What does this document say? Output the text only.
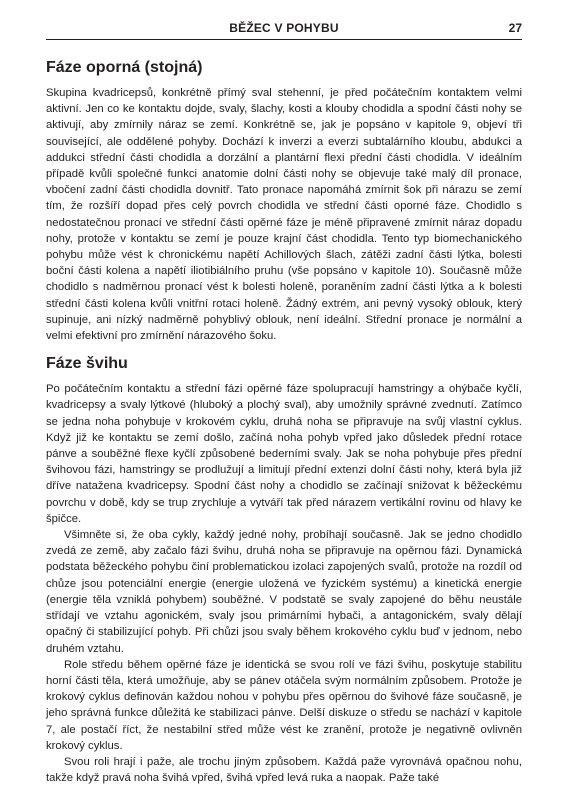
BĚŽEC V POHYBU	27
Fáze oporná (stojná)

Skupina kvadricepsů, konkrétně přímý sval stehenní, je před počátečním kontaktem velmi aktivní. Jen co ke kontaktu dojde, svaly, šlachy, kosti a klouby chodidla a spodní části nohy se aktivují, aby zmírnily náraz se zemí. Konkrétně se, jak je popsáno v kapitole 9, objeví tři související, ale oddělené pohyby. Dochází k inverzi a everzi subtalárního kloubu, abdukci a addukci střední části chodidla a dorzální a plantární flexi přední části chodidla. V ideálním případě kvůli společné funkci anatomie dolní části nohy se objevuje také malý díl pronace, vbočení zadní části chodidla dovnitř. Tato pronace napomáhá zmírnit šok při nárazu se zemí tím, že rozšíří dopad přes celý povrch chodidla ve střední části oporné fáze. Chodidlo s nedostatečnou pronací ve střední části opěrné fáze je méně připravené zmírnit náraz dopadu nohy, protože v kontaktu se zemí je pouze krajní část chodidla. Tento typ biomechanického pohybu může vést k chronickému napětí Achillových šlach, zátěži zadní části lýtka, bolesti boční části kolena a napětí iliotibiálního pruhu (vše popsáno v kapitole 10). Současně může chodidlo s nadměrnou pronací vést k bolesti holeně, poraněním zadní části lýtka a k bolesti střední části kolena kvůli vnitřní rotaci holeně. Žádný extrém, ani pevný vysoký oblouk, který supinuje, ani nízký nadměrně pohyblivý oblouk, není ideální. Střední pronace je normální a velmi efektivní pro zmírnění nárazového šoku.

Fáze švihu

Po počátečním kontaktu a střední fázi opěrné fáze spolupracují hamstringy a ohýbače kyčlí, kvadricepsy a svaly lýtkové (hluboký a plochý sval), aby umožnily správné zvednutí. Zatímco se jedna noha pohybuje v krokovém cyklu, druhá noha se připravuje na svůj vlastní cyklus. Když již ke kontaktu se zemí došlo, začíná noha pohyb vpřed jako důsledek přední rotace pánve a souběžné flexe kyčlí způsobené bederními svaly. Jak se noha pohybuje přes přední švihovou fázi, hamstringy se prodlužují a limitují přední extenzi dolní části nohy, která byla již dříve natažena kvadricepsy. Spodní část nohy a chodidlo se začínají snižovat k běžeckému povrchu v době, kdy se trup zrychluje a vytváří tak před nárazem vertikální rovinu od hlavy ke špičce.

Všimněte si, že oba cykly, každý jedné nohy, probíhají současně. Jak se jedno chodidlo zvedá ze země, aby začalo fázi švihu, druhá noha se připravuje na opěrnou fázi. Dynamická podstata běžeckého pohybu činí problematickou izolaci zapojených svalů, protože na rozdíl od chůze jsou potenciální energie (energie uložená ve fyzickém systému) a kinetická energie (energie těla vzniklá pohybem) souběžné. V podstatě se svaly zapojené do běhu neustále střídají ve vztahu agonickém, svaly jsou primárními hybači, a antagonickém, svaly dělají opačný či stabilizující pohyb. Při chůzi jsou svaly během krokového cyklu buď v jednom, nebo druhém vztahu.

Role středu během opěrné fáze je identická se svou rolí ve fázi švihu, poskytuje stabilitu horní části těla, která umožňuje, aby se pánev otáčela svým normálním způsobem. Protože je krokový cyklus definován každou nohou v pohybu přes opěrnou do švihové fáze současně, je jeho správná funkce důležitá ke stabilizaci pánve. Delší diskuze o středu se nachází v kapitole 7, ale postačí říct, že nestabilní střed může vést ke zranění, protože je negativně ovlivněn krokový cyklus.

Svou roli hrají i paže, ale trochu jiným způsobem. Každá paže vyrovnává opačnou nohu, takže když pravá noha švihá vpřed, švihá vpřed levá ruka a naopak. Paže také
